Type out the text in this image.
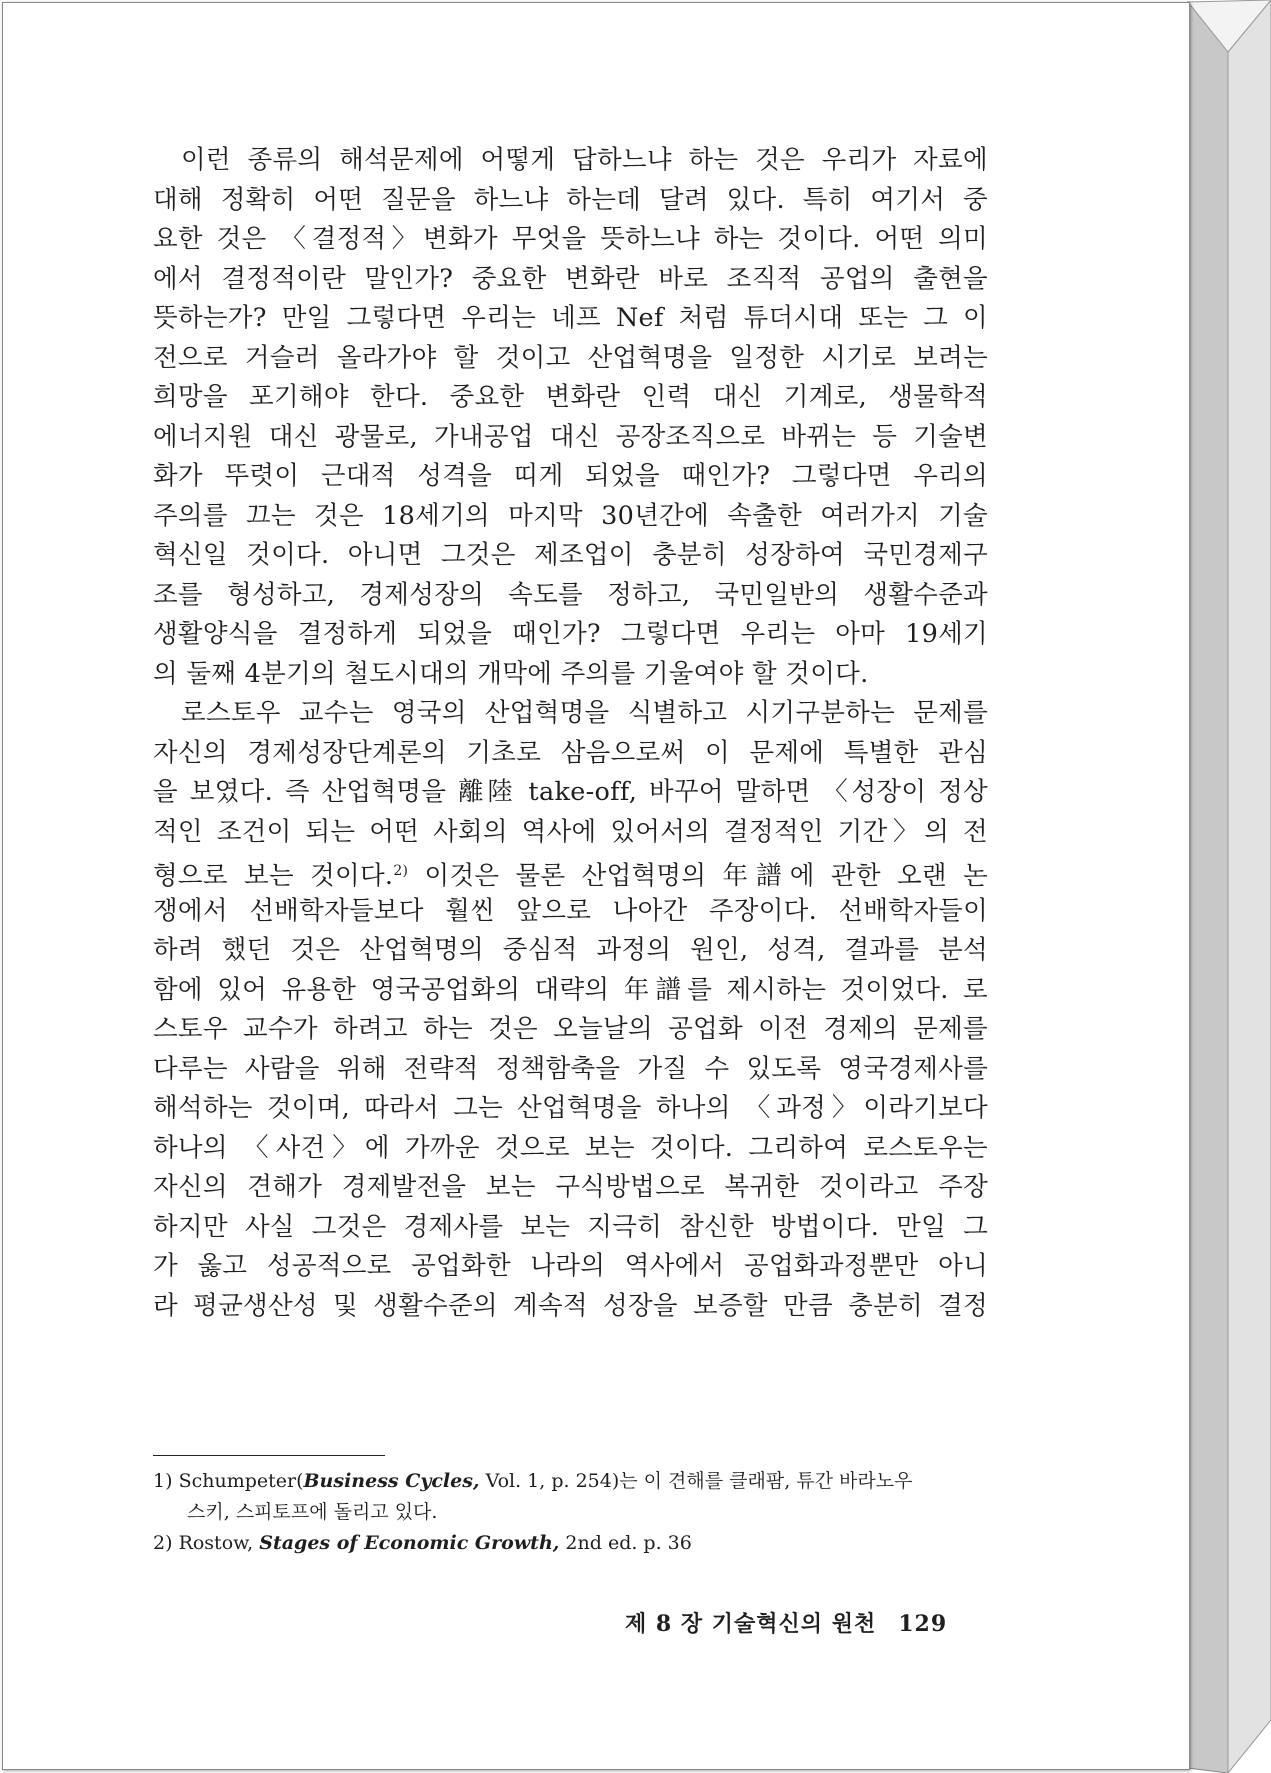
이런 종류의 해석문제에 어떻게 답하느냐 하는 것은 우리가 자료에
대해 정확히 어떤 질문을 하느냐 하는데 달려 있다. 특히 여기서 중
요한 것은 〈결정적〉변화가 무엇을 뜻하느냐 하는 것이다. 어떤 의미
에서 결정적이란 말인가? 중요한 변화란 바로 조직적 공업의 출현을
뜻하는가? 만일 그렇다면 우리는 네프 Nef 처럼 튜더시대 또는 그 이
전으로 거슬러 올라가야 할 것이고 산업혁명을 일정한 시기로 보려는
희망을 포기해야 한다. 중요한 변화란 인력 대신 기계로, 생물학적
에너지원 대신 광물로, 가내공업 대신 공장조직으로 바뀌는 등 기술변
화가 뚜렷이 근대적 성격을 띠게 되었을 때인가? 그렇다면 우리의
주의를 끄는 것은 18세기의 마지막 30년간에 속출한 여러가지 기술
혁신일 것이다. 아니면 그것은 제조업이 충분히 성장하여 국민경제구
조를 형성하고, 경제성장의 속도를 정하고, 국민일반의 생활수준과
생활양식을 결정하게 되었을 때인가? 그렇다면 우리는 아마 19세기
의 둘째 4분기의 철도시대의 개막에 주의를 기울여야 할 것이다.
로스토우 교수는 영국의 산업혁명을 식별하고 시기구분하는 문제를
자신의 경제성장단계론의 기초로 삼음으로써 이 문제에 특별한 관심
을 보였다. 즉 산업혁명을 離陸 take-off, 바꾸어 말하면 〈성장이 정상
적인 조건이 되는 어떤 사회의 역사에 있어서의 결정적인 기간〉의 전
형으로 보는 것이다.$^{2)}$ 이것은 물론 산업혁명의 年譜에 관한 오랜 논
쟁에서 선배학자들보다 훨씬 앞으로 나아간 주장이다. 선배학자들이
하려 했던 것은 산업혁명의 중심적 과정의 원인, 성격, 결과를 분석
함에 있어 유용한 영국공업화의 대략의 年譜를 제시하는 것이었다. 로
스토우 교수가 하려고 하는 것은 오늘날의 공업화 이전 경제의 문제를
다루는 사람을 위해 전략적 정책함축을 가질 수 있도록 영국경제사를
해석하는 것이며, 따라서 그는 산업혁명을 하나의 〈과정〉이라기보다
하나의 〈사건〉에 가까운 것으로 보는 것이다. 그리하여 로스토우는
자신의 견해가 경제발전을 보는 구식방법으로 복귀한 것이라고 주장
하지만 사실 그것은 경제사를 보는 지극히 참신한 방법이다. 만일 그
가 옳고 성공적으로 공업화한 나라의 역사에서 공업화과정뿐만 아니
라 평균생산성 및 생활수준의 계속적 성장을 보증할 만큼 충분히 결정
1) Schumpeter(Business Cycles, Vol. 1, p. 254)는 이 견해를 클래팜, 튜간 바라노우
스키, 스피토프에 돌리고 있다.
2) Rostow, Stages of Economic Growth, 2nd ed. p. 36
제 8 장 기술혁신의 원천 129
